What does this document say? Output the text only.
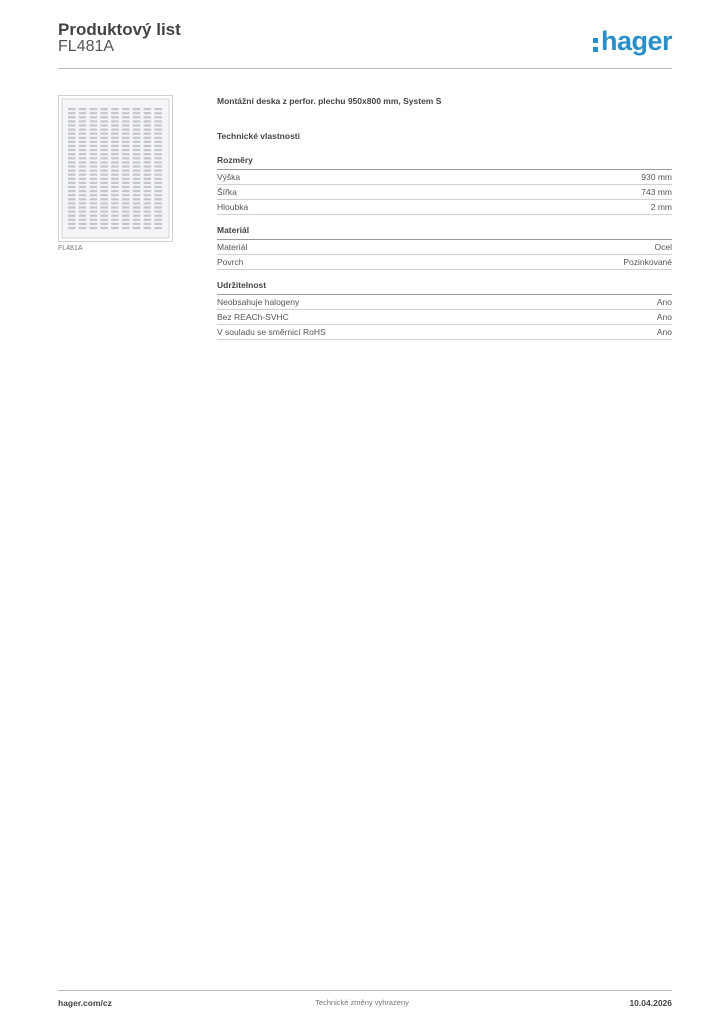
Produktový list
FL481A	hager
FL481A
Montážní deska z perfor. plechu 950x800 mm, System S
Technické vlastnosti
Rozměry
Výška	930 mm
Šířka	743 mm
Hloubka	2 mm
Materiál
Materiál	Ocel
Povrch	Pozinkované
Udržitelnost
Neobsahuje halogeny	Ano
Bez REACh-SVHC	Ano
V souladu se směrnicí RoHS	Ano
hager.com/cz	Technické změny vyhrazeny	10.04.2026
